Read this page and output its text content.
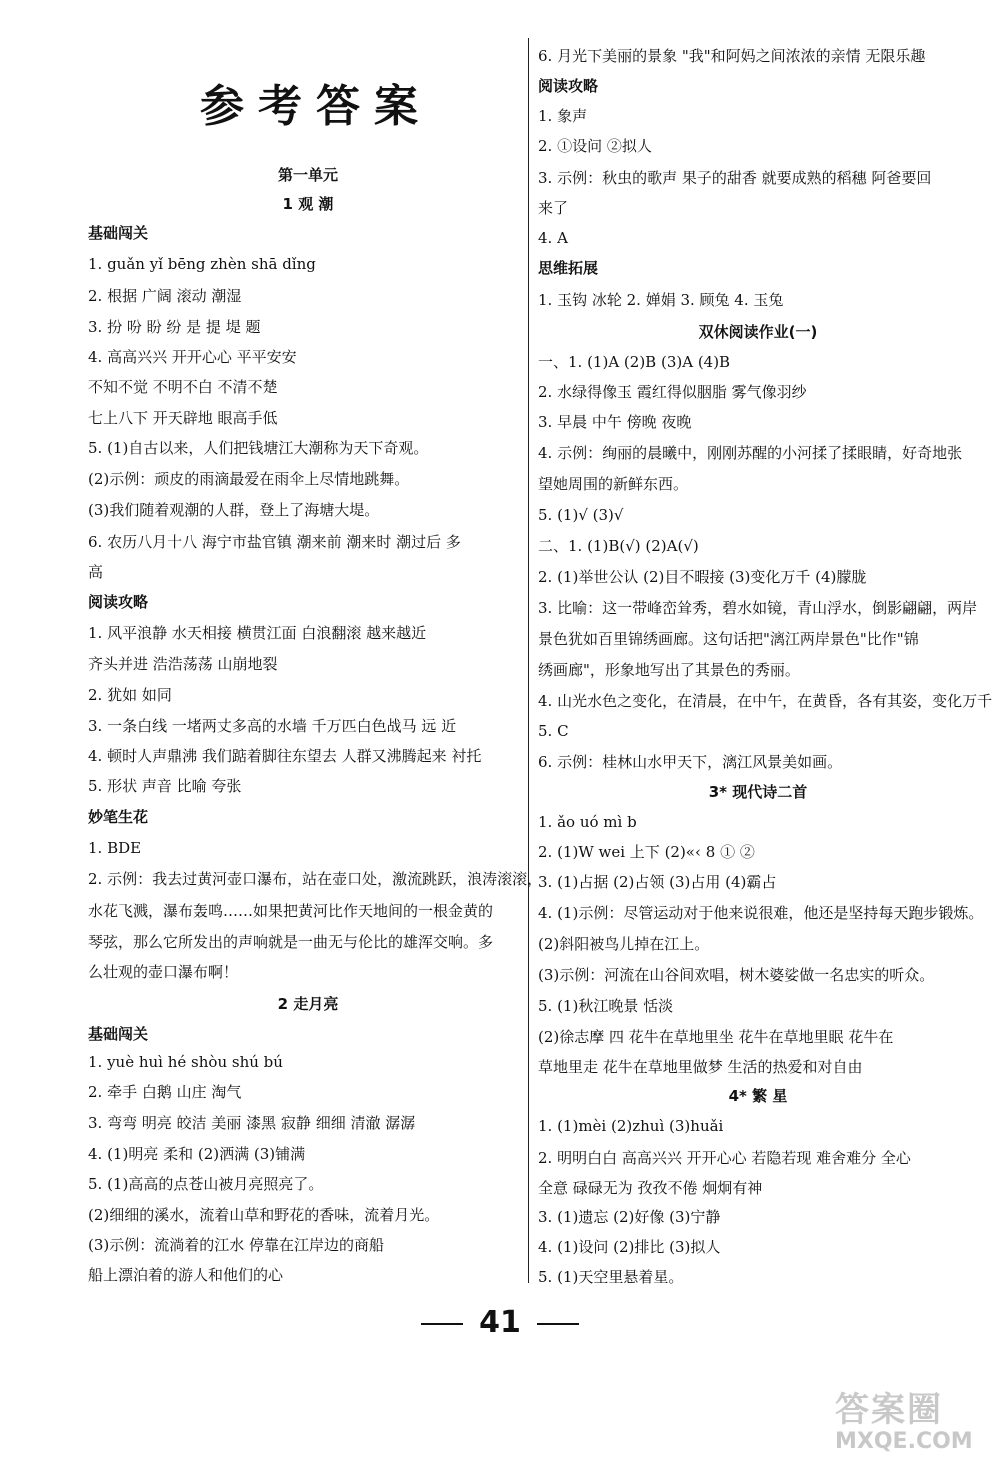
参考答案
第一单元
1 观 潮
基础闯关
1. guǎn yǐ bēng zhèn shā dǐng
2. 根据 广阔 滚动 潮湿
3. 扮 吩 盼 纷 是 提 堤 题
4. 高高兴兴 开开心心 平平安安
不知不觉 不明不白 不清不楚
七上八下 开天辟地 眼高手低
5. (1)自古以来，人们把钱塘江大潮称为天下奇观。
(2)示例：顽皮的雨滴最爱在雨伞上尽情地跳舞。
(3)我们随着观潮的人群，登上了海塘大堤。
6. 农历八月十八 海宁市盐官镇 潮来前 潮来时 潮过后 多
高
阅读攻略
1. 风平浪静 水天相接 横贯江面 白浪翻滚 越来越近
齐头并进 浩浩荡荡 山崩地裂
2. 犹如 如同
3. 一条白线 一堵两丈多高的水墙 千万匹白色战马 远 近
4. 顿时人声鼎沸 我们踮着脚往东望去 人群又沸腾起来 衬托
5. 形状 声音 比喻 夸张
妙笔生花
1. BDE
2. 示例：我去过黄河壶口瀑布，站在壶口处，激流跳跃，浪涛滚滚，
水花飞溅，瀑布轰鸣……如果把黄河比作天地间的一根金黄的
琴弦，那么它所发出的声响就是一曲无与伦比的雄浑交响。多
么壮观的壶口瀑布啊！
2 走月亮
基础闯关
1. yuè huì hé shòu shú bú
2. 牵手 白鹅 山庄 淘气
3. 弯弯 明亮 皎洁 美丽 漆黑 寂静 细细 清澈 潺潺
4. (1)明亮 柔和 (2)洒满 (3)铺满
5. (1)高高的点苍山被月亮照亮了。
(2)细细的溪水，流着山草和野花的香味，流着月光。
(3)示例：流淌着的江水 停靠在江岸边的商船
船上漂泊着的游人和他们的心
6. 月光下美丽的景象 "我"和阿妈之间浓浓的亲情 无限乐趣
阅读攻略
1. 象声
2. ①设问 ②拟人
3. 示例：秋虫的歌声 果子的甜香 就要成熟的稻穗 阿爸要回
来了
4. A
思维拓展
1. 玉钩 冰轮 2. 婵娟 3. 顾兔 4. 玉兔
双休阅读作业(一)
一、1. (1)A (2)B (3)A (4)B
2. 水绿得像玉 霞红得似胭脂 雾气像羽纱
3. 早晨 中午 傍晚 夜晚
4. 示例：绚丽的晨曦中，刚刚苏醒的小河揉了揉眼睛，好奇地张
望她周围的新鲜东西。
5. (1)√ (3)√
二、1. (1)B(√) (2)A(√)
2. (1)举世公认 (2)目不暇接 (3)变化万千 (4)朦胧
3. 比喻：这一带峰峦耸秀，碧水如镜，青山浮水，倒影翩翩，两岸
景色犹如百里锦绣画廊。这句话把"漓江两岸景色"比作"锦
绣画廊"，形象地写出了其景色的秀丽。
4. 山光水色之变化，在清晨，在中午，在黄昏，各有其姿，变化万千
5. C
6. 示例：桂林山水甲天下，漓江风景美如画。
3* 现代诗二首
1. ǎo uó mì b
2. (1)W wei 上下 (2)«‹ 8 ① ②
3. (1)占据 (2)占领 (3)占用 (4)霸占
4. (1)示例：尽管运动对于他来说很难，他还是坚持每天跑步锻炼。
(2)斜阳被鸟儿掉在江上。
(3)示例：河流在山谷间欢唱，树木婆娑做一名忠实的听众。
5. (1)秋江晚景 恬淡
(2)徐志摩 四 花牛在草地里坐 花牛在草地里眠 花牛在
草地里走 花牛在草地里做梦 生活的热爱和对自由
4* 繁 星
1. (1)mèi (2)zhuì (3)huǎi
2. 明明白白 高高兴兴 开开心心 若隐若现 难舍难分 全心
全意 碌碌无为 孜孜不倦 炯炯有神
3. (1)遗忘 (2)好像 (3)宁静
4. (1)设问 (2)排比 (3)拟人
5. (1)天空里悬着星。
41
答案圈
MXQE.COM
